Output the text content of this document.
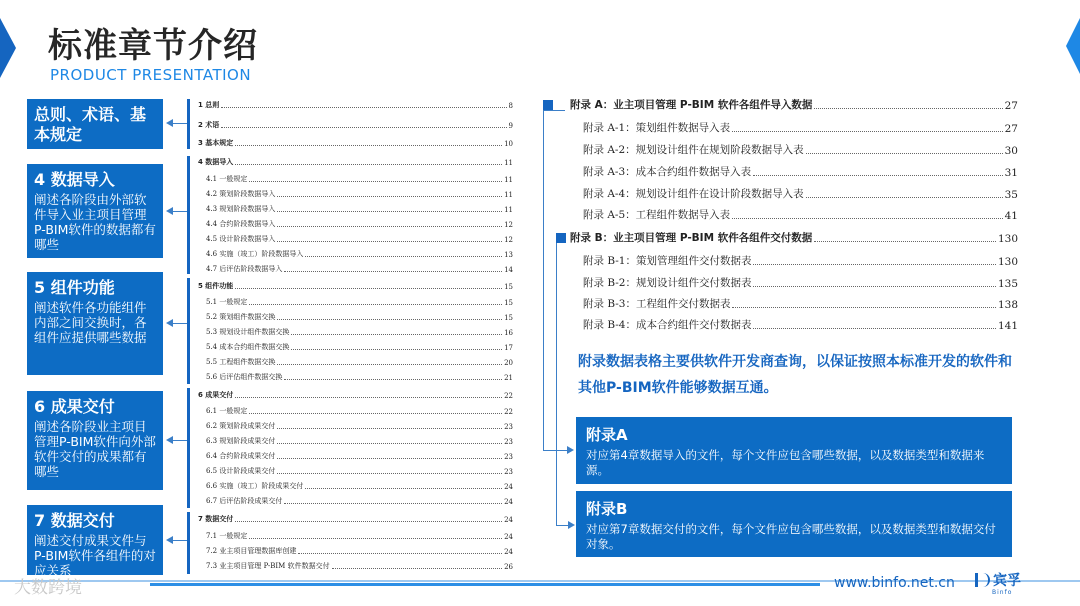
标准章节介绍
PRODUCT PRESENTATION
总则、术语、基本规定
4 数据导入
阐述各阶段由外部软件导入业主项目管理P-BIM软件的数据都有哪些
5 组件功能
阐述软件各功能组件内部之间交换时，各组件应提供哪些数据
6 成果交付
阐述各阶段业主项目管理P-BIM软件向外部软件交付的成果都有哪些
7 数据交付
阐述交付成果文件与P-BIM软件各组件的对应关系
1 总则	8
2 术语	9
3 基本规定	10
4 数据导入	11
4.1 一般规定	11
4.2 策划阶段数据导入	11
4.3 规划阶段数据导入	11
4.4 合约阶段数据导入	12
4.5 设计阶段数据导入	12
4.6 实施（竣工）阶段数据导入	13
4.7 后评估阶段数据导入	14
5 组件功能	15
5.1 一般规定	15
5.2 策划组件数据交换	15
5.3 规划设计组件数据交换	16
5.4 成本合约组件数据交换	17
5.5 工程组件数据交换	20
5.6 后评估组件数据交换	21
6 成果交付	22
6.1 一般规定	22
6.2 策划阶段成果交付	23
6.3 规划阶段成果交付	23
6.4 合约阶段成果交付	23
6.5 设计阶段成果交付	23
6.6 实施（竣工）阶段成果交付	24
6.7 后评估阶段成果交付	24
7 数据交付	24
7.1 一般规定	24
7.2 业主项目管理数据库创建	24
7.3 业主项目管理 P-BIM 软件数据交付	26
附录 A：业主项目管理 P-BIM 软件各组件导入数据	27
附录 A-1：策划组件数据导入表	27
附录 A-2：规划设计组件在规划阶段数据导入表	30
附录 A-3：成本合约组件数据导入表	31
附录 A-4：规划设计组件在设计阶段数据导入表	35
附录 A-5：工程组件数据导入表	41
附录 B：业主项目管理 P-BIM 软件各组件交付数据	130
附录 B-1：策划管理组件交付数据表	130
附录 B-2：规划设计组件交付数据表	135
附录 B-3：工程组件交付数据表	138
附录 B-4：成本合约组件交付数据表	141
附录数据表格主要供软件开发商查询，以保证按照本标准开发的软件和其他P-BIM软件能够数据互通。
附录A
对应第4章数据导入的文件，每个文件应包含哪些数据，以及数据类型和数据来源。
附录B
对应第7章数据交付的文件，每个文件应包含哪些数据，以及数据类型和数据交付对象。
大数跨境	www.binfo.net.cn	宾孚
Binfo
